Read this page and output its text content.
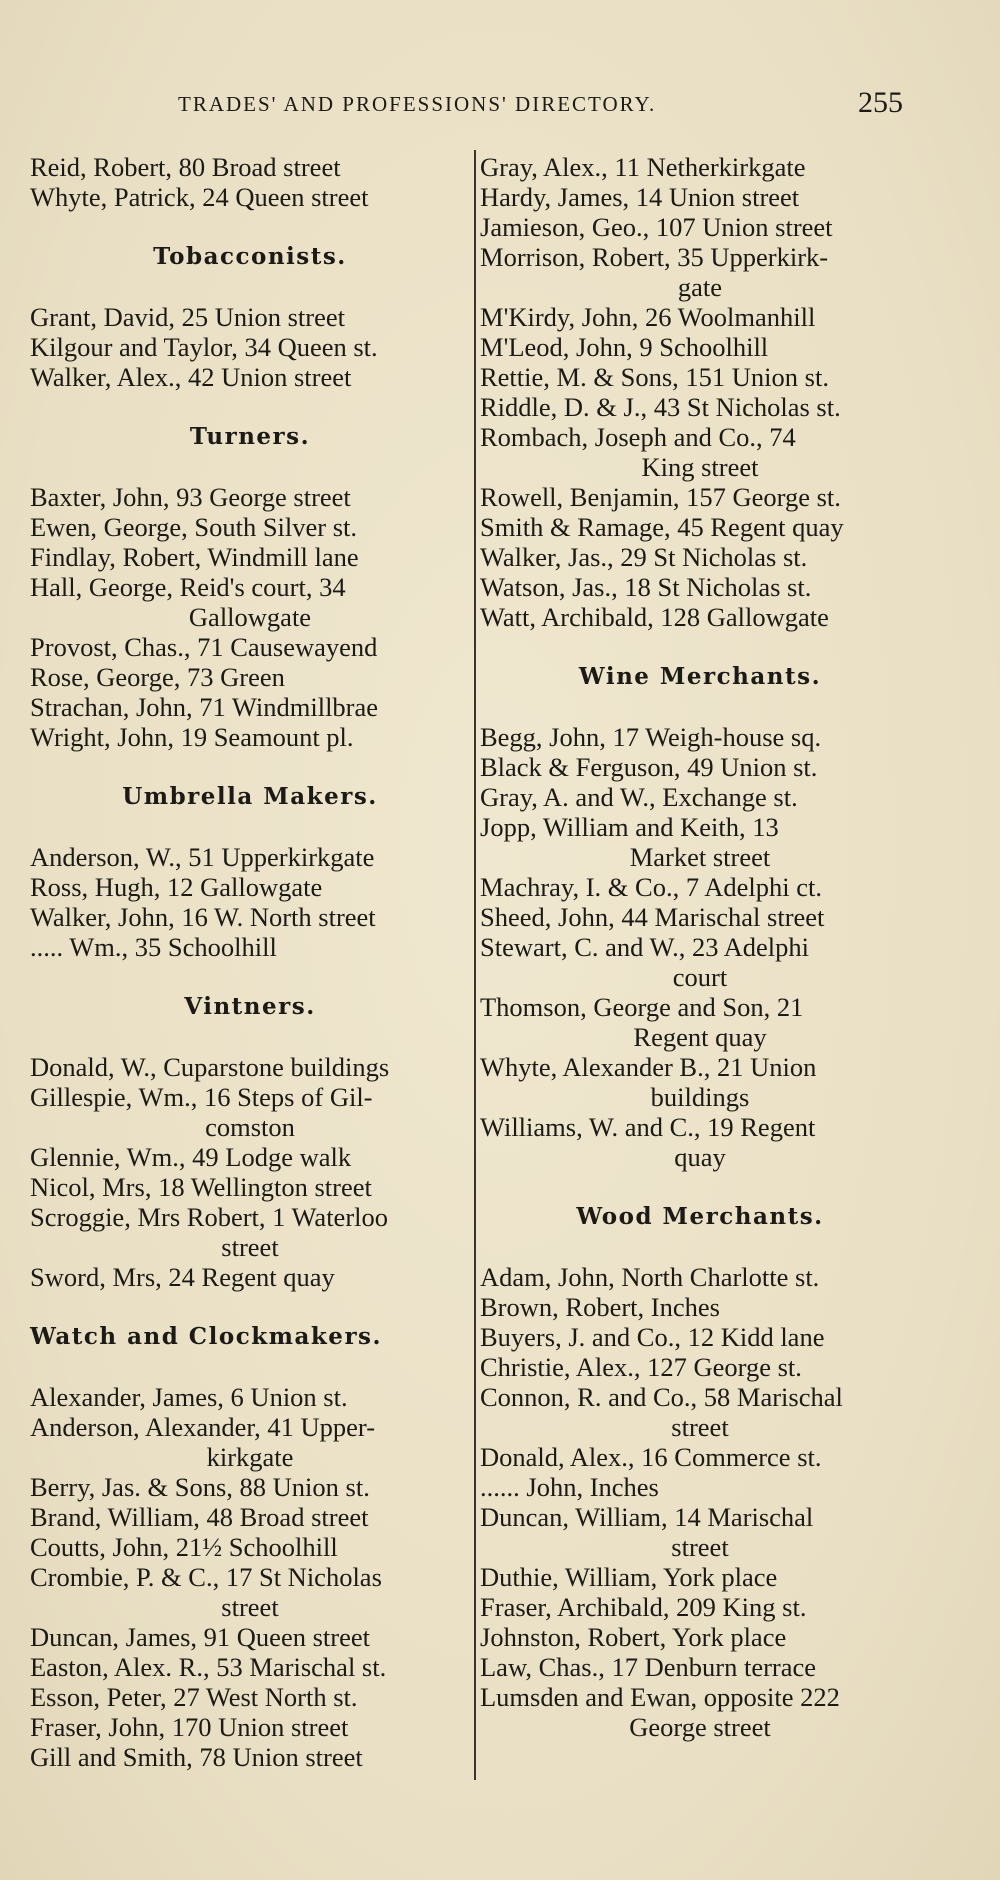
TRADES' AND PROFESSIONS' DIRECTORY.	255
Reid, Robert, 80 Broad street
Whyte, Patrick, 24 Queen street
Tobacconists.
Grant, David, 25 Union street
Kilgour and Taylor, 34 Queen st.
Walker, Alex., 42 Union street
Turners.
Baxter, John, 93 George street
Ewen, George, South Silver st.
Findlay, Robert, Windmill lane
Hall, George, Reid's court, 34
Gallowgate
Provost, Chas., 71 Causewayend
Rose, George, 73 Green
Strachan, John, 71 Windmillbrae
Wright, John, 19 Seamount pl.
Umbrella Makers.
Anderson, W., 51 Upperkirkgate
Ross, Hugh, 12 Gallowgate
Walker, John, 16 W. North street
..... Wm., 35 Schoolhill
Vintners.
Donald, W., Cuparstone buildings
Gillespie, Wm., 16 Steps of Gil-
comston
Glennie, Wm., 49 Lodge walk
Nicol, Mrs, 18 Wellington street
Scroggie, Mrs Robert, 1 Waterloo
street
Sword, Mrs, 24 Regent quay
Watch and Clockmakers.
Alexander, James, 6 Union st.
Anderson, Alexander, 41 Upper-
kirkgate
Berry, Jas. & Sons, 88 Union st.
Brand, William, 48 Broad street
Coutts, John, 21½ Schoolhill
Crombie, P. & C., 17 St Nicholas
street
Duncan, James, 91 Queen street
Easton, Alex. R., 53 Marischal st.
Esson, Peter, 27 West North st.
Fraser, John, 170 Union street
Gill and Smith, 78 Union street
Gray, Alex., 11 Netherkirkgate
Hardy, James, 14 Union street
Jamieson, Geo., 107 Union street
Morrison, Robert, 35 Upperkirk-
gate
M'Kirdy, John, 26 Woolmanhill
M'Leod, John, 9 Schoolhill
Rettie, M. & Sons, 151 Union st.
Riddle, D. & J., 43 St Nicholas st.
Rombach, Joseph and Co., 74
King street
Rowell, Benjamin, 157 George st.
Smith & Ramage, 45 Regent quay
Walker, Jas., 29 St Nicholas st.
Watson, Jas., 18 St Nicholas st.
Watt, Archibald, 128 Gallowgate
Wine Merchants.
Begg, John, 17 Weigh-house sq.
Black & Ferguson, 49 Union st.
Gray, A. and W., Exchange st.
Jopp, William and Keith, 13
Market street
Machray, I. & Co., 7 Adelphi ct.
Sheed, John, 44 Marischal street
Stewart, C. and W., 23 Adelphi
court
Thomson, George and Son, 21
Regent quay
Whyte, Alexander B., 21 Union
buildings
Williams, W. and C., 19 Regent
quay
Wood Merchants.
Adam, John, North Charlotte st.
Brown, Robert, Inches
Buyers, J. and Co., 12 Kidd lane
Christie, Alex., 127 George st.
Connon, R. and Co., 58 Marischal
street
Donald, Alex., 16 Commerce st.
...... John, Inches
Duncan, William, 14 Marischal
street
Duthie, William, York place
Fraser, Archibald, 209 King st.
Johnston, Robert, York place
Law, Chas., 17 Denburn terrace
Lumsden and Ewan, opposite 222
George street
